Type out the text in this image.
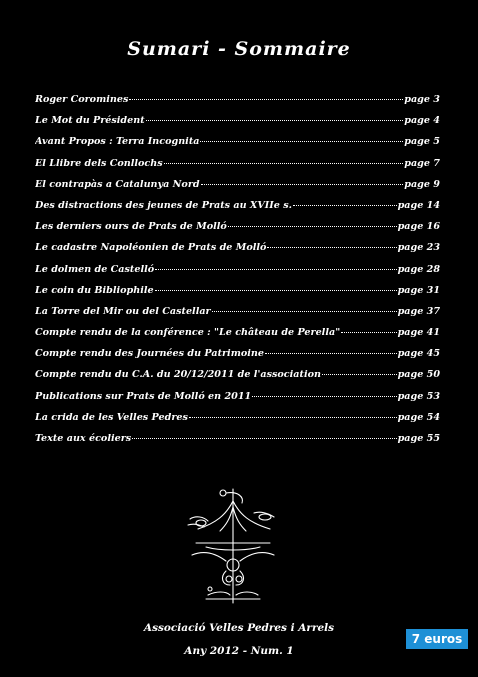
Sumari - Sommaire
Roger Coromines	page 3
Le Mot du Président	page 4
Avant Propos : Terra Incognita	page 5
El Llibre dels Conllochs	page 7
El contrapàs a Catalunya Nord	page 9
Des distractions des jeunes de Prats au XVIIe s.	page 14
Les derniers ours de Prats de Molló	page 16
Le cadastre Napoléonien de Prats de Molló	page 23
Le dolmen de Castelló	page 28
Le coin du Bibliophile	page 31
La Torre del Mir ou del Castellar	page 37
Compte rendu de la conférence : "Le château de Perella"	page 41
Compte rendu des Journées du Patrimoine	page 45
Compte rendu du C.A. du 20/12/2011 de l'association	page 50
Publications sur Prats de Molló en 2011	page 53
La crida de les Velles Pedres	page 54
Texte aux écoliers	page 55
Associació Velles Pedres i Arrels
Any 2012 - Num. 1
7 euros
